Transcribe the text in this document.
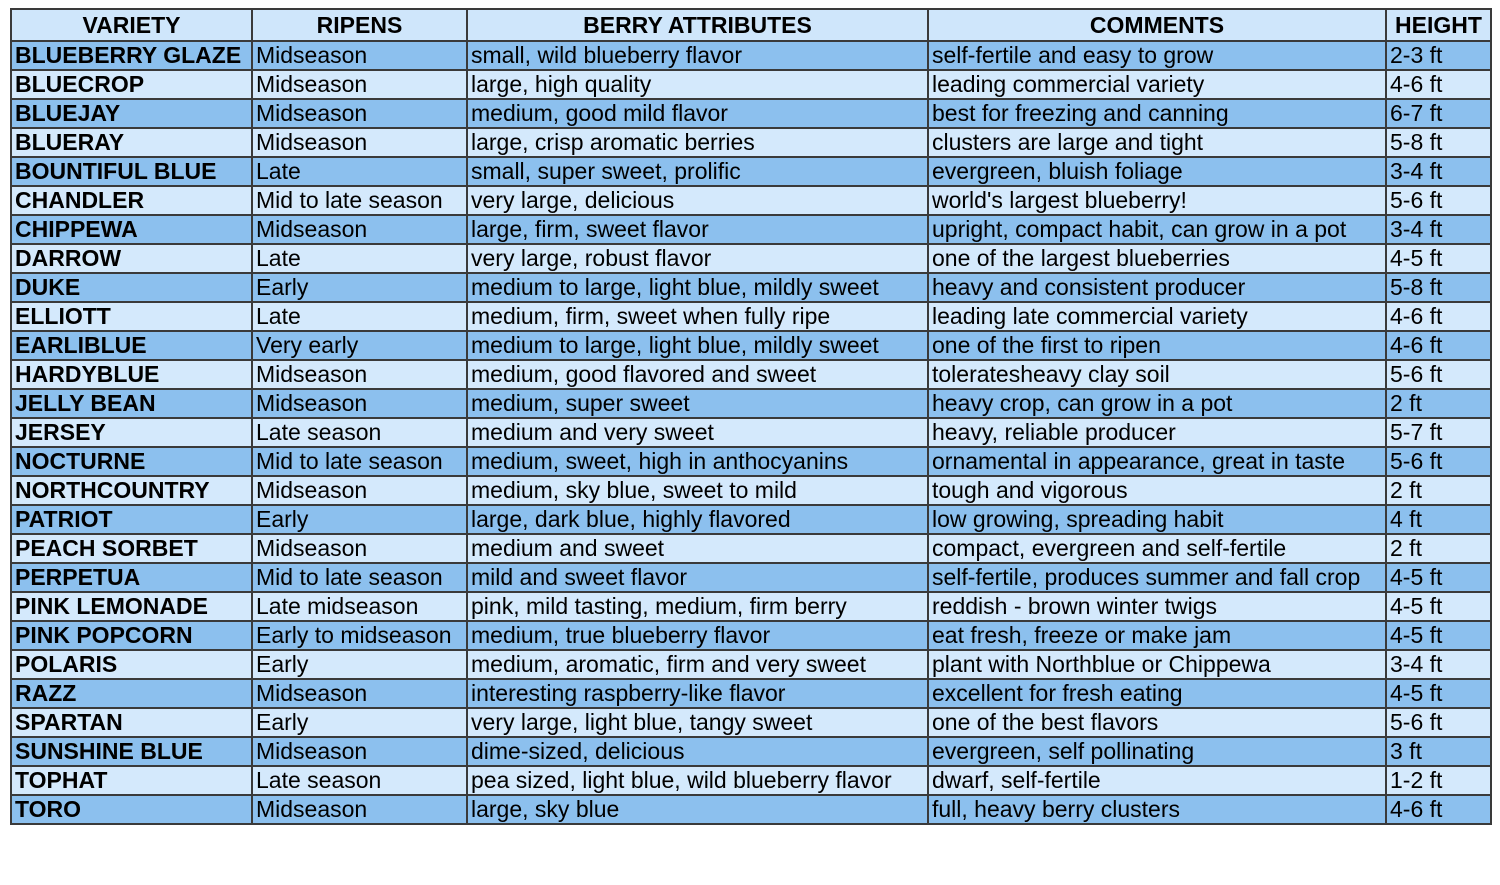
VARIETY	RIPENS	BERRY ATTRIBUTES	COMMENTS	HEIGHT
BLUEBERRY GLAZE	Midseason	small, wild blueberry flavor	self-fertile and easy to grow	2-3 ft
BLUECROP	Midseason	large, high quality	leading commercial variety	4-6 ft
BLUEJAY	Midseason	medium, good mild flavor	best for freezing and canning	6-7 ft
BLUERAY	Midseason	large, crisp aromatic berries	clusters are large and tight	5-8 ft
BOUNTIFUL BLUE	Late	small, super sweet, prolific	evergreen, bluish foliage	3-4 ft
CHANDLER	Mid to late season	very large, delicious	world's largest blueberry!	5-6 ft
CHIPPEWA	Midseason	large, firm, sweet flavor	upright, compact habit, can grow in a pot	3-4 ft
DARROW	Late	very large, robust flavor	one of the largest blueberries	4-5 ft
DUKE	Early	medium to large, light blue, mildly sweet	heavy and consistent producer	5-8 ft
ELLIOTT	Late	medium, firm, sweet when fully ripe	leading late commercial variety	4-6 ft
EARLIBLUE	Very early	medium to large, light blue, mildly sweet	one of the first to ripen	4-6 ft
HARDYBLUE	Midseason	medium, good flavored and sweet	toleratesheavy clay soil	5-6 ft
JELLY BEAN	Midseason	medium, super sweet	heavy crop, can grow in a pot	2 ft
JERSEY	Late season	medium and very sweet	heavy, reliable producer	5-7 ft
NOCTURNE	Mid to late season	medium, sweet, high in anthocyanins	ornamental in appearance, great in taste	5-6 ft
NORTHCOUNTRY	Midseason	medium, sky blue, sweet to mild	tough and vigorous	2 ft
PATRIOT	Early	large, dark blue, highly flavored	low growing, spreading habit	4 ft
PEACH SORBET	Midseason	medium and sweet	compact, evergreen and self-fertile	2 ft
PERPETUA	Mid to late season	mild and sweet flavor	self-fertile, produces summer and fall crop	4-5 ft
PINK LEMONADE	Late midseason	pink, mild tasting, medium, firm berry	reddish - brown winter twigs	4-5 ft
PINK POPCORN	Early to midseason	medium, true blueberry flavor	eat fresh, freeze or make jam	4-5 ft
POLARIS	Early	medium, aromatic, firm and very sweet	plant with Northblue or Chippewa	3-4 ft
RAZZ	Midseason	interesting raspberry-like flavor	excellent for fresh eating	4-5 ft
SPARTAN	Early	very large, light blue, tangy sweet	one of the best flavors	5-6 ft
SUNSHINE BLUE	Midseason	dime-sized, delicious	evergreen, self pollinating	3 ft
TOPHAT	Late season	pea sized, light blue, wild blueberry flavor	dwarf, self-fertile	1-2 ft
TORO	Midseason	large, sky blue	full, heavy berry clusters	4-6 ft
